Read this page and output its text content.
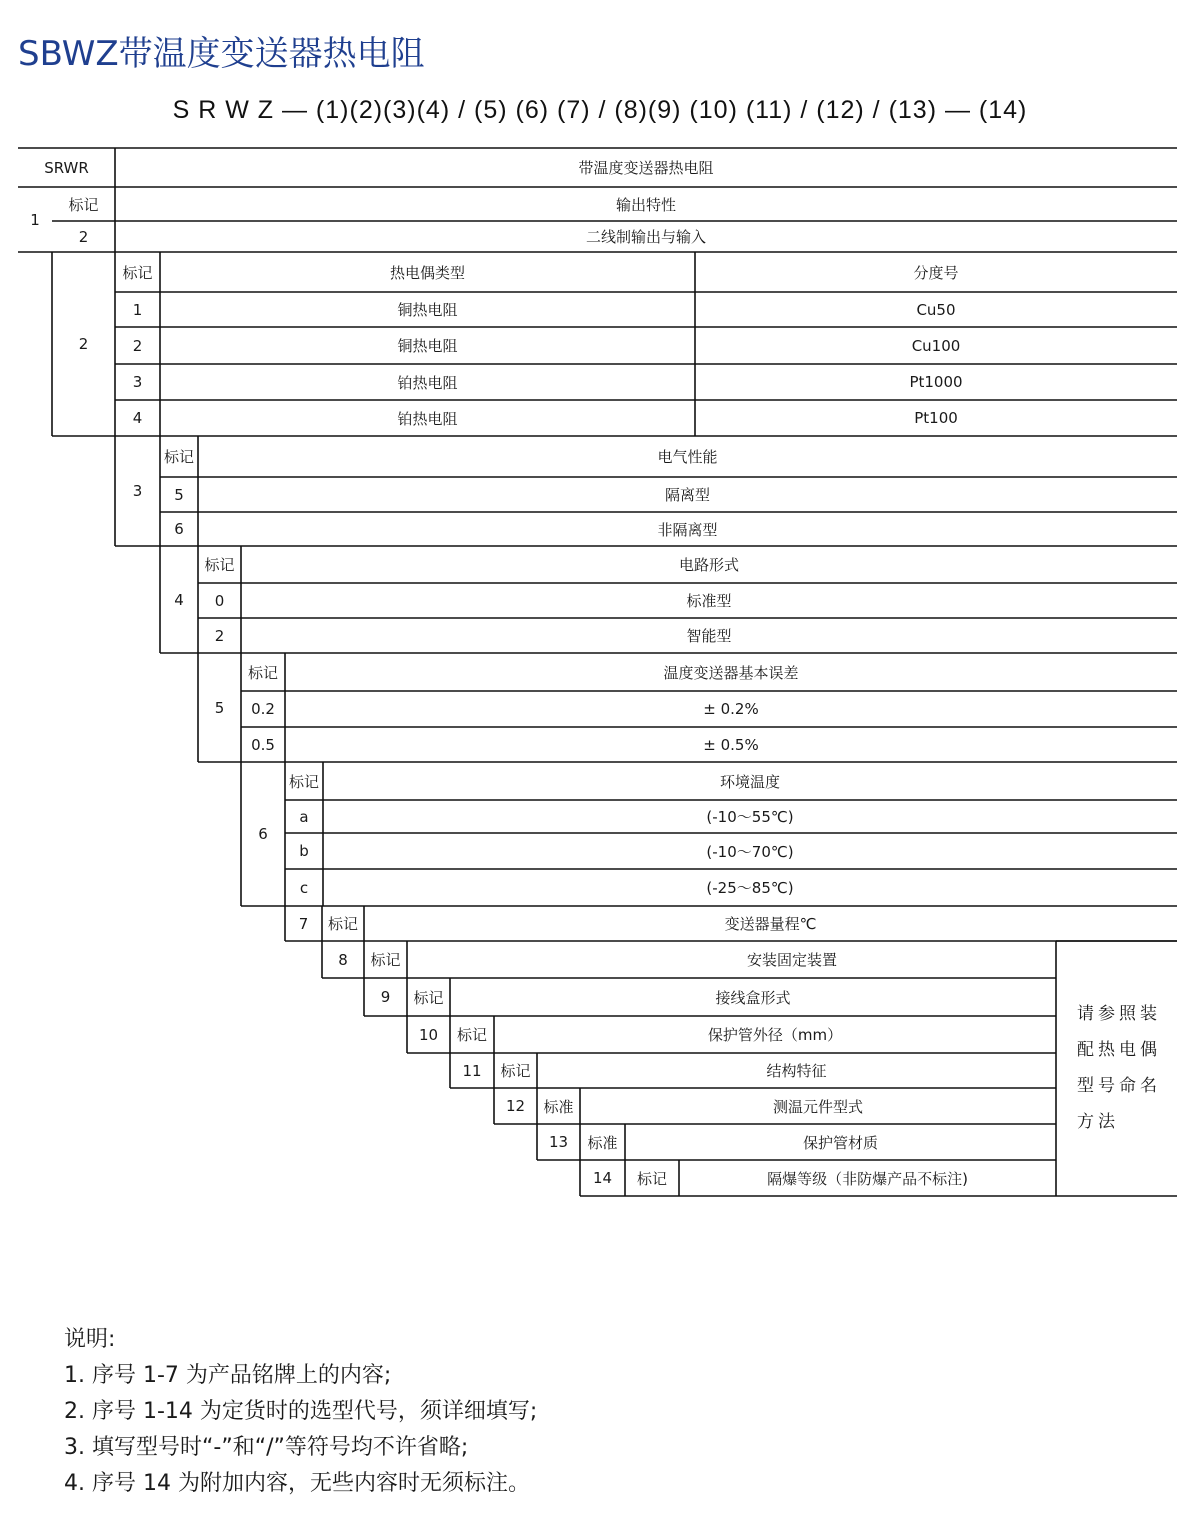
SBWZ带温度变送器热电阻
S R W Z — (1)(2)(3)(4) / (5) (6) (7) / (8)(9) (10) (11) / (12) / (13) — (14)
SRWR	带温度变送器热电阻
1
标记	输出特性
2	二线制输出与输入
2
标记	热电偶类型	分度号
1	铜热电阻	Cu50
2	铜热电阻	Cu100
3	铂热电阻	Pt1000
4	铂热电阻	Pt100
3
标记	电气性能
5	隔离型
6	非隔离型
4
标记	电路形式
0	标准型
2	智能型
5
标记	温度变送器基本误差
0.2	± 0.2%
0.5	± 0.5%
6
标记	环境温度
a	(-10～55℃)
b	(-10～70℃)
c	(-25～85℃)
7	标记	变送器量程℃
8	标记	安装固定装置
9	标记	接线盒形式
10	标记	保护管外径（mm）
11	标记	结构特征
12	标准	测温元件型式
13	标准	保护管材质
14	标记	隔爆等级（非防爆产品不标注)
请参照装配热电偶型号命名方法
说明:
1. 序号 1-7 为产品铭牌上的内容;
2. 序号 1-14 为定货时的选型代号，须详细填写;
3. 填写型号时“-”和“/”等符号均不许省略;
4. 序号 14 为附加内容，无些内容时无须标注。
